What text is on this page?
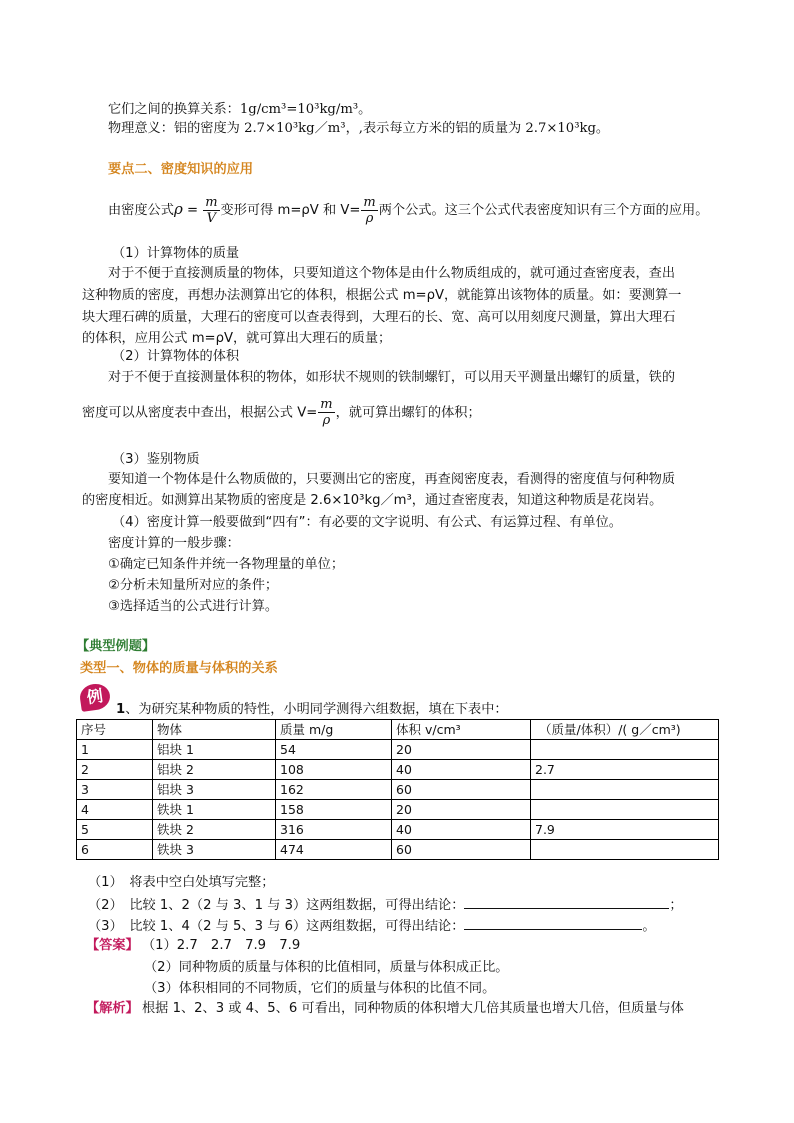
它们之间的换算关系：1g/cm³=10³kg/m³。
物理意义：铝的密度为 2.7×10³kg／m³，,表示每立方米的铝的质量为 2.7×10³kg。
要点二、密度知识的应用
由密度公式$\rho = \frac{m}{V}$ 变形可得 m=ρV 和 $V= \frac{m}{\rho}$ 两个公式。这三个公式代表密度知识有三个方面的应用。
（1）计算物体的质量
对于不便于直接测质量的物体，只要知道这个物体是由什么物质组成的，就可通过查密度表，查出
这种物质的密度，再想办法测算出它的体积，根据公式 m=ρV，就能算出该物体的质量。如：要测算一
块大理石碑的质量，大理石的密度可以查表得到，大理石的长、宽、高可以用刻度尺测量，算出大理石
的体积，应用公式 m=ρV，就可算出大理石的质量；
（2）计算物体的体积
对于不便于直接测量体积的物体，如形状不规则的铁制螺钉，可以用天平测量出螺钉的质量，铁的
密度可以从密度表中查出，根据公式 $V= \frac{m}{\rho}$ ，就可算出螺钉的体积；
（3）鉴别物质
要知道一个物体是什么物质做的，只要测出它的密度，再查阅密度表，看测得的密度值与何种物质
的密度相近。如测算出某物质的密度是 2.6×10³kg／m³，通过查密度表，知道这种物质是花岗岩。
（4）密度计算一般要做到“四有”：有必要的文字说明、有公式、有运算过程、有单位。
密度计算的一般步骤：
①确定已知条件并统一各物理量的单位；
②分析未知量所对应的条件；
③选择适当的公式进行计算。
【典型例题】
类型一、物体的质量与体积的关系
例
1、为研究某种物质的特性，小明同学测得六组数据，填在下表中：
序号	物体	质量 m/g	体积 v/cm³	（质量/体积）/( g／cm³)
1	铝块 1	54	20	
2	铝块 2	108	40	2.7
3	铝块 3	162	60	
4	铁块 1	158	20	
5	铁块 2	316	40	7.9
6	铁块 3	474	60	
（1）　将表中空白处填写完整；
（2）　比较 1、2（2 与 3、1 与 3）这两组数据，可得出结论：	；
（3）　比较 1、4（2 与 5、3 与 6）这两组数据，可得出结论：	。
【答案】 （1）2.7　2.7　7.9　7.9
（2）同种物质的质量与体积的比值相同，质量与体积成正比。
（3）体积相同的不同物质，它们的质量与体积的比值不同。
【解析】 根据 1、2、3 或 4、5、6 可看出，同种物质的体积增大几倍其质量也增大几倍，但质量与体
